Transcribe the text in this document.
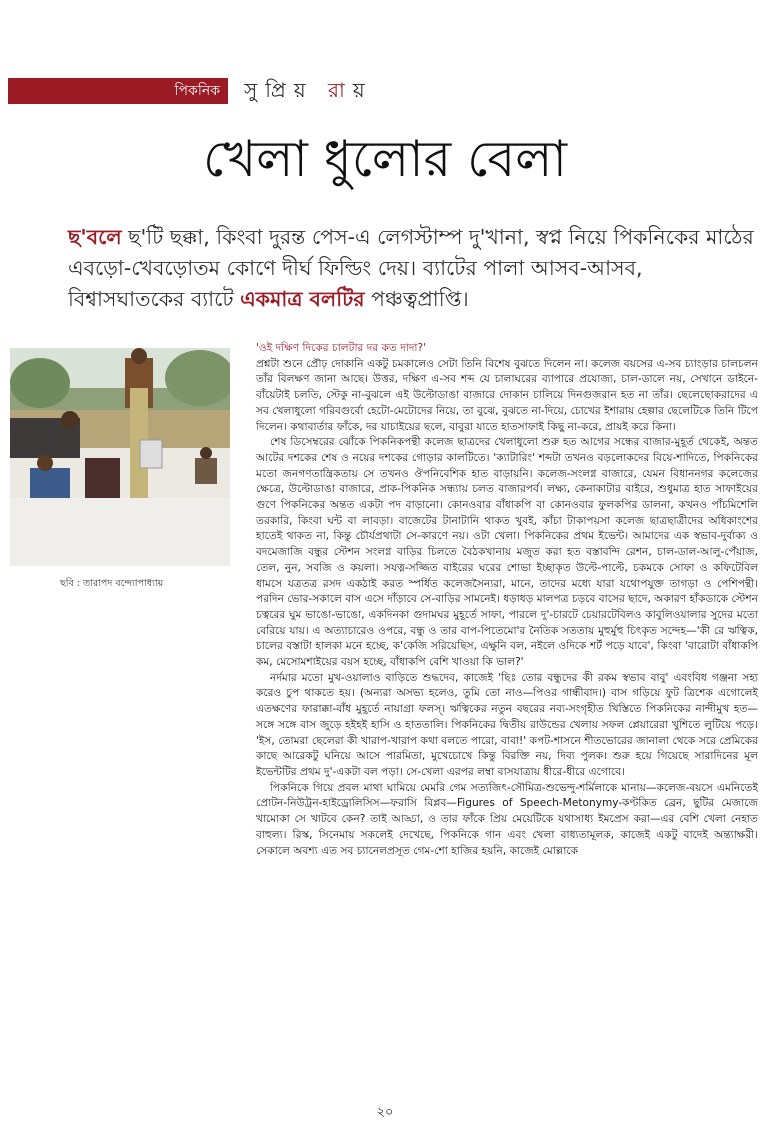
পিকনিক	সুপ্রিয় রায়
খেলা ধুলোর বেলা

ছ'বলে ছ'টি ছক্কা, কিংবা দুরন্ত পেস-এ লেগস্টাম্প দু'খানা, স্বপ্ন নিয়ে পিকনিকের মাঠের এবড়ো-খেবড়োতম কোণে দীর্ঘ ফিল্ডিং দেয়। ব্যাটের পালা আসব-আসব, বিশ্বাসঘাতকের ব্যাটে একমাত্র বলটির পঞ্চত্বপ্রাপ্তি।

ছবি : তারাপদ বন্দ্যোপাধ্যায়

'ওই দক্ষিণ দিকের চালটার দর কত দাদা?'

প্রশ্নটা শুনে প্রৌঢ় দোকানি একটু চমকালেও সেটা তিনি বিশেষ বুঝতে দিলেন না। কলেজ বয়সের এ-সব চ্যাংড়ার চালচলন তাঁর বিলক্ষণ জানা আছে। উত্তর, দক্ষিণ এ-সব শব্দ যে চালাঘরের ব্যাপারে প্রযোজ্য, চাল-ডালে নয়, সেখানে ডাইনে-বাঁয়েটাই চলতি, স্টেকু না-বুঝলে এই উল্টোডাঙা বাজারে দোকান চালিয়ে দিনগুজরান হত না তাঁর। ছেলেছোকরাদের এ সব খেলাধুলো গরিবগুর্বো হেটো-মেটোদের নিয়ে, তা বুঝে, বুঝতে না-দিয়ে, চোখের ইশারায় হেল্পার ছেলেটিকে তিনি টিপে দিলেন। কথাবার্তার ফাঁকে, দর যাচাইয়ের ছলে, বাবুরা যাতে হাতসাফাই কিছু না-করে, প্রায়ই করে কিনা।

শেষ ডিসেম্বরের ঝোঁকে পিকনিকপন্থী কলেজ ছাত্রদের খেলাধুলো শুরু হত আগের সন্ধের বাজার-মুহূর্ত থেকেই, অন্তত আটের দশকের শেষ ও নয়ের দশকের গোড়ার কালটিতে। 'ক্যাটারিং' শব্দটা তখনও বড়লোকদের বিয়ে-শাদিতে, পিকনিকের মতো জনগণতান্ত্রিকতায় সে তখনও ঔপনিবেশিক হাত বাড়ায়নি। কলেজ-সংলগ্ন বাজারে, যেমন বিধাননগর কলেজের ক্ষেত্রে, উল্টোডাঙা বাজারে, প্রাক-পিকনিক সন্ধ্যায় চলত বাজারপর্ব। লক্ষ্য, কেনাকাটার বাইরে, শুধুমাত্র হাত সাফাইয়ের গুণে পিকনিকের অন্তত একটা পদ বাড়ানো। কোনওবার বাঁধাকপি বা কোনওবার ফুলকপির ডালনা, কখনও পাঁচমিশেলি তরকারি, কিংবা ঘন্ট বা লাবড়া। বাজেটের টানাটানি থাকত খুবই, কাঁচা টাকাপয়সা কলেজ ছাত্রছাত্রীদের অধিকাংশের হাতেই থাকত না, কিন্তু চৌর্যপ্রথাটা সে-কারণে নয়। ওটা খেলা। পিকনিকের প্রথম ইভেন্ট। আমাদের এক স্বভাব-দুর্বাক্য ও বদমেজাজি বন্ধুর স্টেশন সংলগ্ন বাড়ির চিলতে বৈঠকখানায় মজুত করা হত বস্তাবন্দি রেশন, চাল-ডাল-আলু-পেঁয়াজ, তেল, নুন, সবজি ও কয়লা। সযত্ন-সজ্জিত বাইরের ঘরের শোভা ইচ্ছাকৃত উল্টে-পাল্টে, চকমকে সোফা ও কফিটেবিল ধামসে যত্রতত্র রসদ একঠাই করত স্পর্ধিত কলেজসৈন্যরা, মানে, তাদের মধ্যে যারা যথোপযুক্ত তাগড়া ও পেশিপন্থী। পরদিন ভোর-সকালে বাস এসে দাঁড়াবে সে-বাড়ির সামনেই। ধড়াধড় মালপত্র চড়বে বাসের ছাদে, অকারণ হাঁকডাকে স্টেশন চত্বরের ঘুম ভাঙো-ভাঙো, একদিনকা গুদামঘর মুহূর্তে সাফা, পারলে দু'-চারটে চেয়ারটেবিলও কাবুলিওয়ালার সুদের মতো বেরিয়ে যায়। এ অত্যাচারেও ওপরে, বন্ধু ও তার বাপ-পিতেমো'র নৈতিক সততায় মুহুর্মুহু চিৎকৃত সন্দেহ—'কী রে ঋত্বিক, চালের বস্তাটা হালকা মনে হচ্ছে, ক'কেজি সরিয়েছিস, এক্ষুনি বল, নইলে ওদিকে শর্ট পড়ে যাবে', কিংবা 'বারোটা বাঁধাকপি কম, মেসোমশাইয়ের বয়স হচ্ছে, বাঁধাকপি বেশি খাওয়া কি ভাল?'

নর্দমার মতো মুখ-ওয়ালাও বাড়িতে শুদ্ধদেব, কাজেই 'ছিঃ তোর বন্ধুদের কী রকম স্বভাব বাবু' এবংবিধ গঞ্জনা সহ্য করেও চুপ থাকতে হয়। (অন্যরা অসভ্য হলেও, তুমি তো নাও—পিওর গান্ধীবাদ।) বাস গড়িয়ে ফুট ত্রিশেক এগোলেই এতক্ষণের ফারাক্কা-বাঁধ মুহূর্তে নায়াগ্রা ফলস্‌। ঋত্বিকের নতুন বছরের নব্য-সংগৃহীত খিস্তিতে পিকনিকের নান্দীমুখ হত—সঙ্গে সঙ্গে বাস জুড়ে হইহই হাসি ও হাততালি। পিকনিকের দ্বিতীয় রাউন্ডের খেলায় সফল প্লেয়ারেরা খুশিতে লুটিয়ে পড়ে। 'ইস, তোমরা ছেলেরা কী খারাপ-খারাপ কথা বলতে পারো, বাবা!' কপট-শাসনে শীতভোরের জানালা থেকে সরে প্রেমিকের কাছে আরেকটু ঘনিয়ে আসে পারমিতা, মুখেচোখে কিন্তু বিরক্তি নয়, দিব্য পুলক। শুরু হয়ে গিয়েছে সারাদিনের মূল ইভেন্টটির প্রথম দু'-একটা বল পড়া। সে-খেলা এরপর লম্বা বাসযাত্রায় ধীরে-ধীরে এগোবে।

পিকনিকে গিয়ে প্রবল মাথা ঘামিয়ে মেমরি গেম সত্যজিৎ-সৌমিত্র-শুভেন্দু-শর্মিলাকে মানায়—কলেজ-বয়সে এমনিতেই প্রোটন-নিউট্রন-হাইড্রোলিসিস—ফরাসি বিপ্লব—Figures of Speech-Metonymy-কণ্টকিত ব্রেন, ছুটির মেজাজে খামোকা সে খাটবে কেন? তাই আড্ডা, ও তার ফাঁকে প্রিয় মেয়েটিকে যথাসাধ্য ইমপ্রেস করা—এর বেশি খেলা নেহাত বাহুল্য। রিস্ক, সিনেমায় সকলেই দেখেছে, পিকনিকে গান এবং খেলা বাধ্যতামূলক, কাজেই একটু বাদেই অন্ত্যাক্ষরী। সেকালে অবশ্য এত সব চ্যানেলপ্রসূত গেম-শো হাজির হয়নি, কাজেই মোল্লাকে

২০
